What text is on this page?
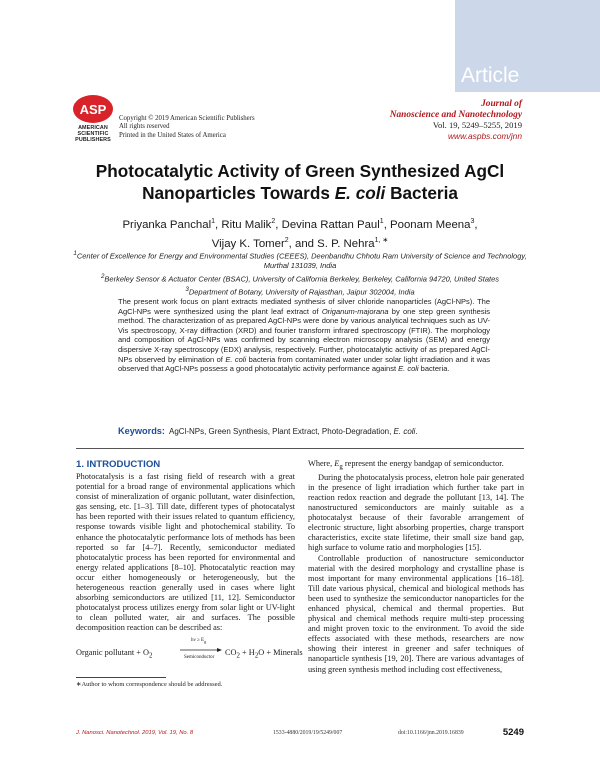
Article
ASP
AMERICAN
SCIENTIFIC
PUBLISHERS
Copyright © 2019 American Scientific Publishers
All rights reserved
Printed in the United States of America
Journal of
Nanoscience and Nanotechnology
Vol. 19, 5249–5255, 2019
www.aspbs.com/jnn
Photocatalytic Activity of Green Synthesized AgCl
Nanoparticles Towards E. coli Bacteria
Priyanka Panchal$^1$, Ritu Malik$^2$, Devina Rattan Paul$^1$, Poonam Meena$^3$,
Vijay K. Tomer$^2$, and S. P. Nehra$^{1, ∗}$

$^1$Center of Excellence for Energy and Environmental Studies (CEEES), Deenbandhu Chhotu Ram University of Science and Technology, Murthal 131039, India

$^2$Berkeley Sensor & Actuator Center (BSAC), University of California Berkeley, Berkeley, California 94720, United States

$^3$Department of Botany, University of Rajasthan, Jaipur 302004, India

The present work focus on plant extracts mediated synthesis of silver chloride nanoparticles (AgCl-NPs). The AgCl-NPs were synthesized using the plant leaf extract of Origanum-majorana by one step green synthesis method. The characterization of as prepared AgCl-NPs were done by various analytical techniques such as UV-Vis spectroscopy, X-ray diffraction (XRD) and fourier transform infrared spectroscopy (FTIR). The morphology and composition of AgCl-NPs was confirmed by scanning electron microscopy analysis (SEM) and energy dispersive X-ray spectroscopy (EDX) analysis, respectively. Further, photocatalytic activity of as prepared AgCl-NPs observed by elimination of E. coli bacteria from contaminated water under solar light irradiation and it was observed that AgCl-NPs possess a good photocatalytic activity performance against E. coli bacteria.
Keywords: AgCl-NPs, Green Synthesis, Plant Extract, Photo-Degradation, E. coli.
1. INTRODUCTION

Photocatalysis is a fast rising field of research with a great potential for a broad range of environmental applications which consist of mineralization of organic pollutant, water disinfection, gas sensing, etc. [1–3]. Till date, different types of photocatalyst has been reported with their issues related to quantum efficiency, response towards visible light and photochemical stability. To enhance the photocatalytic performance lots of methods has been reported so far [4–7]. Recently, semiconductor mediated photocatalytic process has been reported for environmental and energy related applications [8–10]. Photocatalytic reaction may occur either homogeneously or heterogeneously, but the heterogeneous reaction generally used in cases where light absorbing semiconductors are utilized [11, 12]. Semiconductor photocatalyst process utilizes energy from solar light or UV-light to clean polluted water, air and surfaces. The possible decomposition reaction can be described as:

Organic pollutant + $O_2$
$h\nu \ge E_g$
Semiconductor
$CO_2 + H_2O$ + Minerals

Where, $E_g$ represent the energy bandgap of semiconductor.

During the photocatalysis process, eletron hole pair generated in the presence of light irradiation which further take part in reaction redox reaction and degrade the pollutant [13, 14]. The nanostructured semiconductors are mainly suitable as a photocatalyst because of their favorable arrangement of electronic structure, light absorbing properties, charge transport characteristics, excite state lifetime, their small size band gap, high surface to volume ratio and morphologies [15].

Controllable production of nanostructure semiconductor material with the desired morphology and crystalline phase is most important for many environmental applications [16–18]. Till date various physical, chemical and biological methods has been used to synthesize the semiconductor nanoparticles for the enhanced physical, chemical and thermal properties. But physical and chemical methods require multi-step processing and might proven toxic to the environment. To avoid the side effects associated with these methods, researchers are now showing their interest in greener and safer techniques of nanoparticle synthesis [19, 20]. There are various advantages of using green synthesis method including cost effectiveness,

∗Author to whom correspondence should be addressed.
J. Nanosci. Nanotechnol. 2019, Vol. 19, No. 8	1533-4880/2019/19/5249/007	doi:10.1166/jnn.2019.16839	5249
